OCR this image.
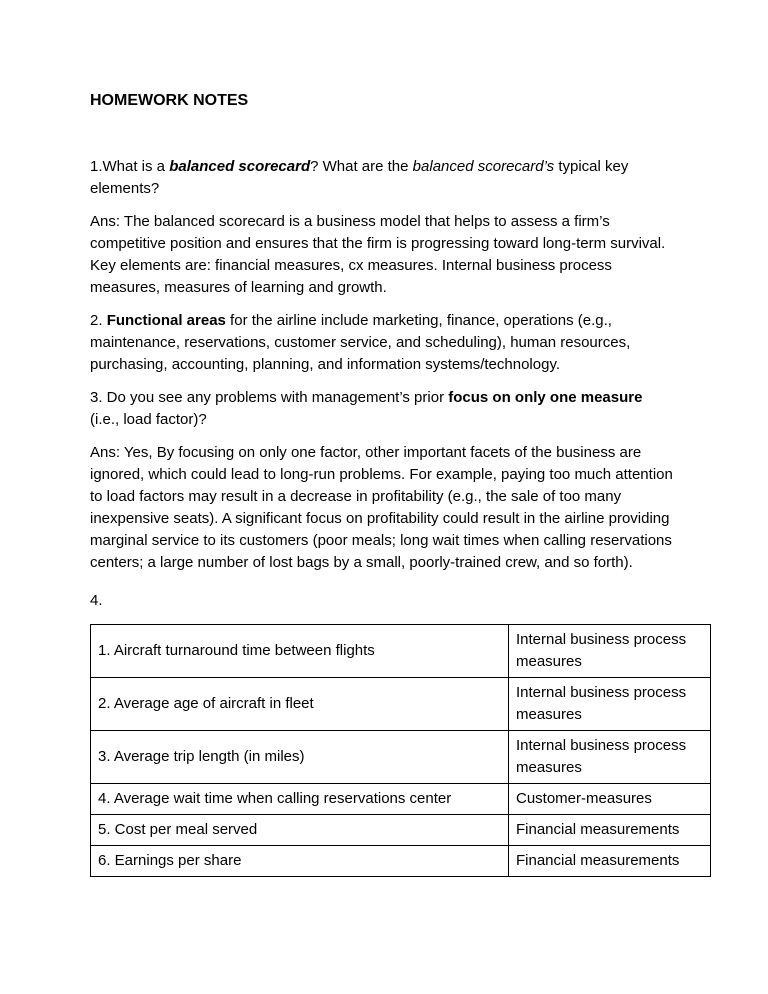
HOMEWORK NOTES

1.What is a balanced scorecard? What are the balanced scorecard’s typical key elements?

Ans: The balanced scorecard is a business model that helps to assess a firm’s competitive position and ensures that the firm is progressing toward long-term survival. Key elements are: financial measures, cx measures. Internal business process measures, measures of learning and growth.

2. Functional areas for the airline include marketing, finance, operations (e.g., maintenance, reservations, customer service, and scheduling), human resources, purchasing, accounting, planning, and information systems/technology.

3. Do you see any problems with management’s prior focus on only one measure (i.e., load factor)?

Ans: Yes, By focusing on only one factor, other important facets of the business are ignored, which could lead to long-run problems. For example, paying too much attention to load factors may result in a decrease in profitability (e.g., the sale of too many inexpensive seats). A significant focus on profitability could result in the airline providing marginal service to its customers (poor meals; long wait times when calling reservations centers; a large number of lost bags by a small, poorly-trained crew, and so forth).

4.

1. Aircraft turnaround time between flights	Internal business process measures
2. Average age of aircraft in fleet	Internal business process measures
3. Average trip length (in miles)	Internal business process measures
4. Average wait time when calling reservations center	Customer-measures
5. Cost per meal served	Financial measurements
6. Earnings per share	Financial measurements
